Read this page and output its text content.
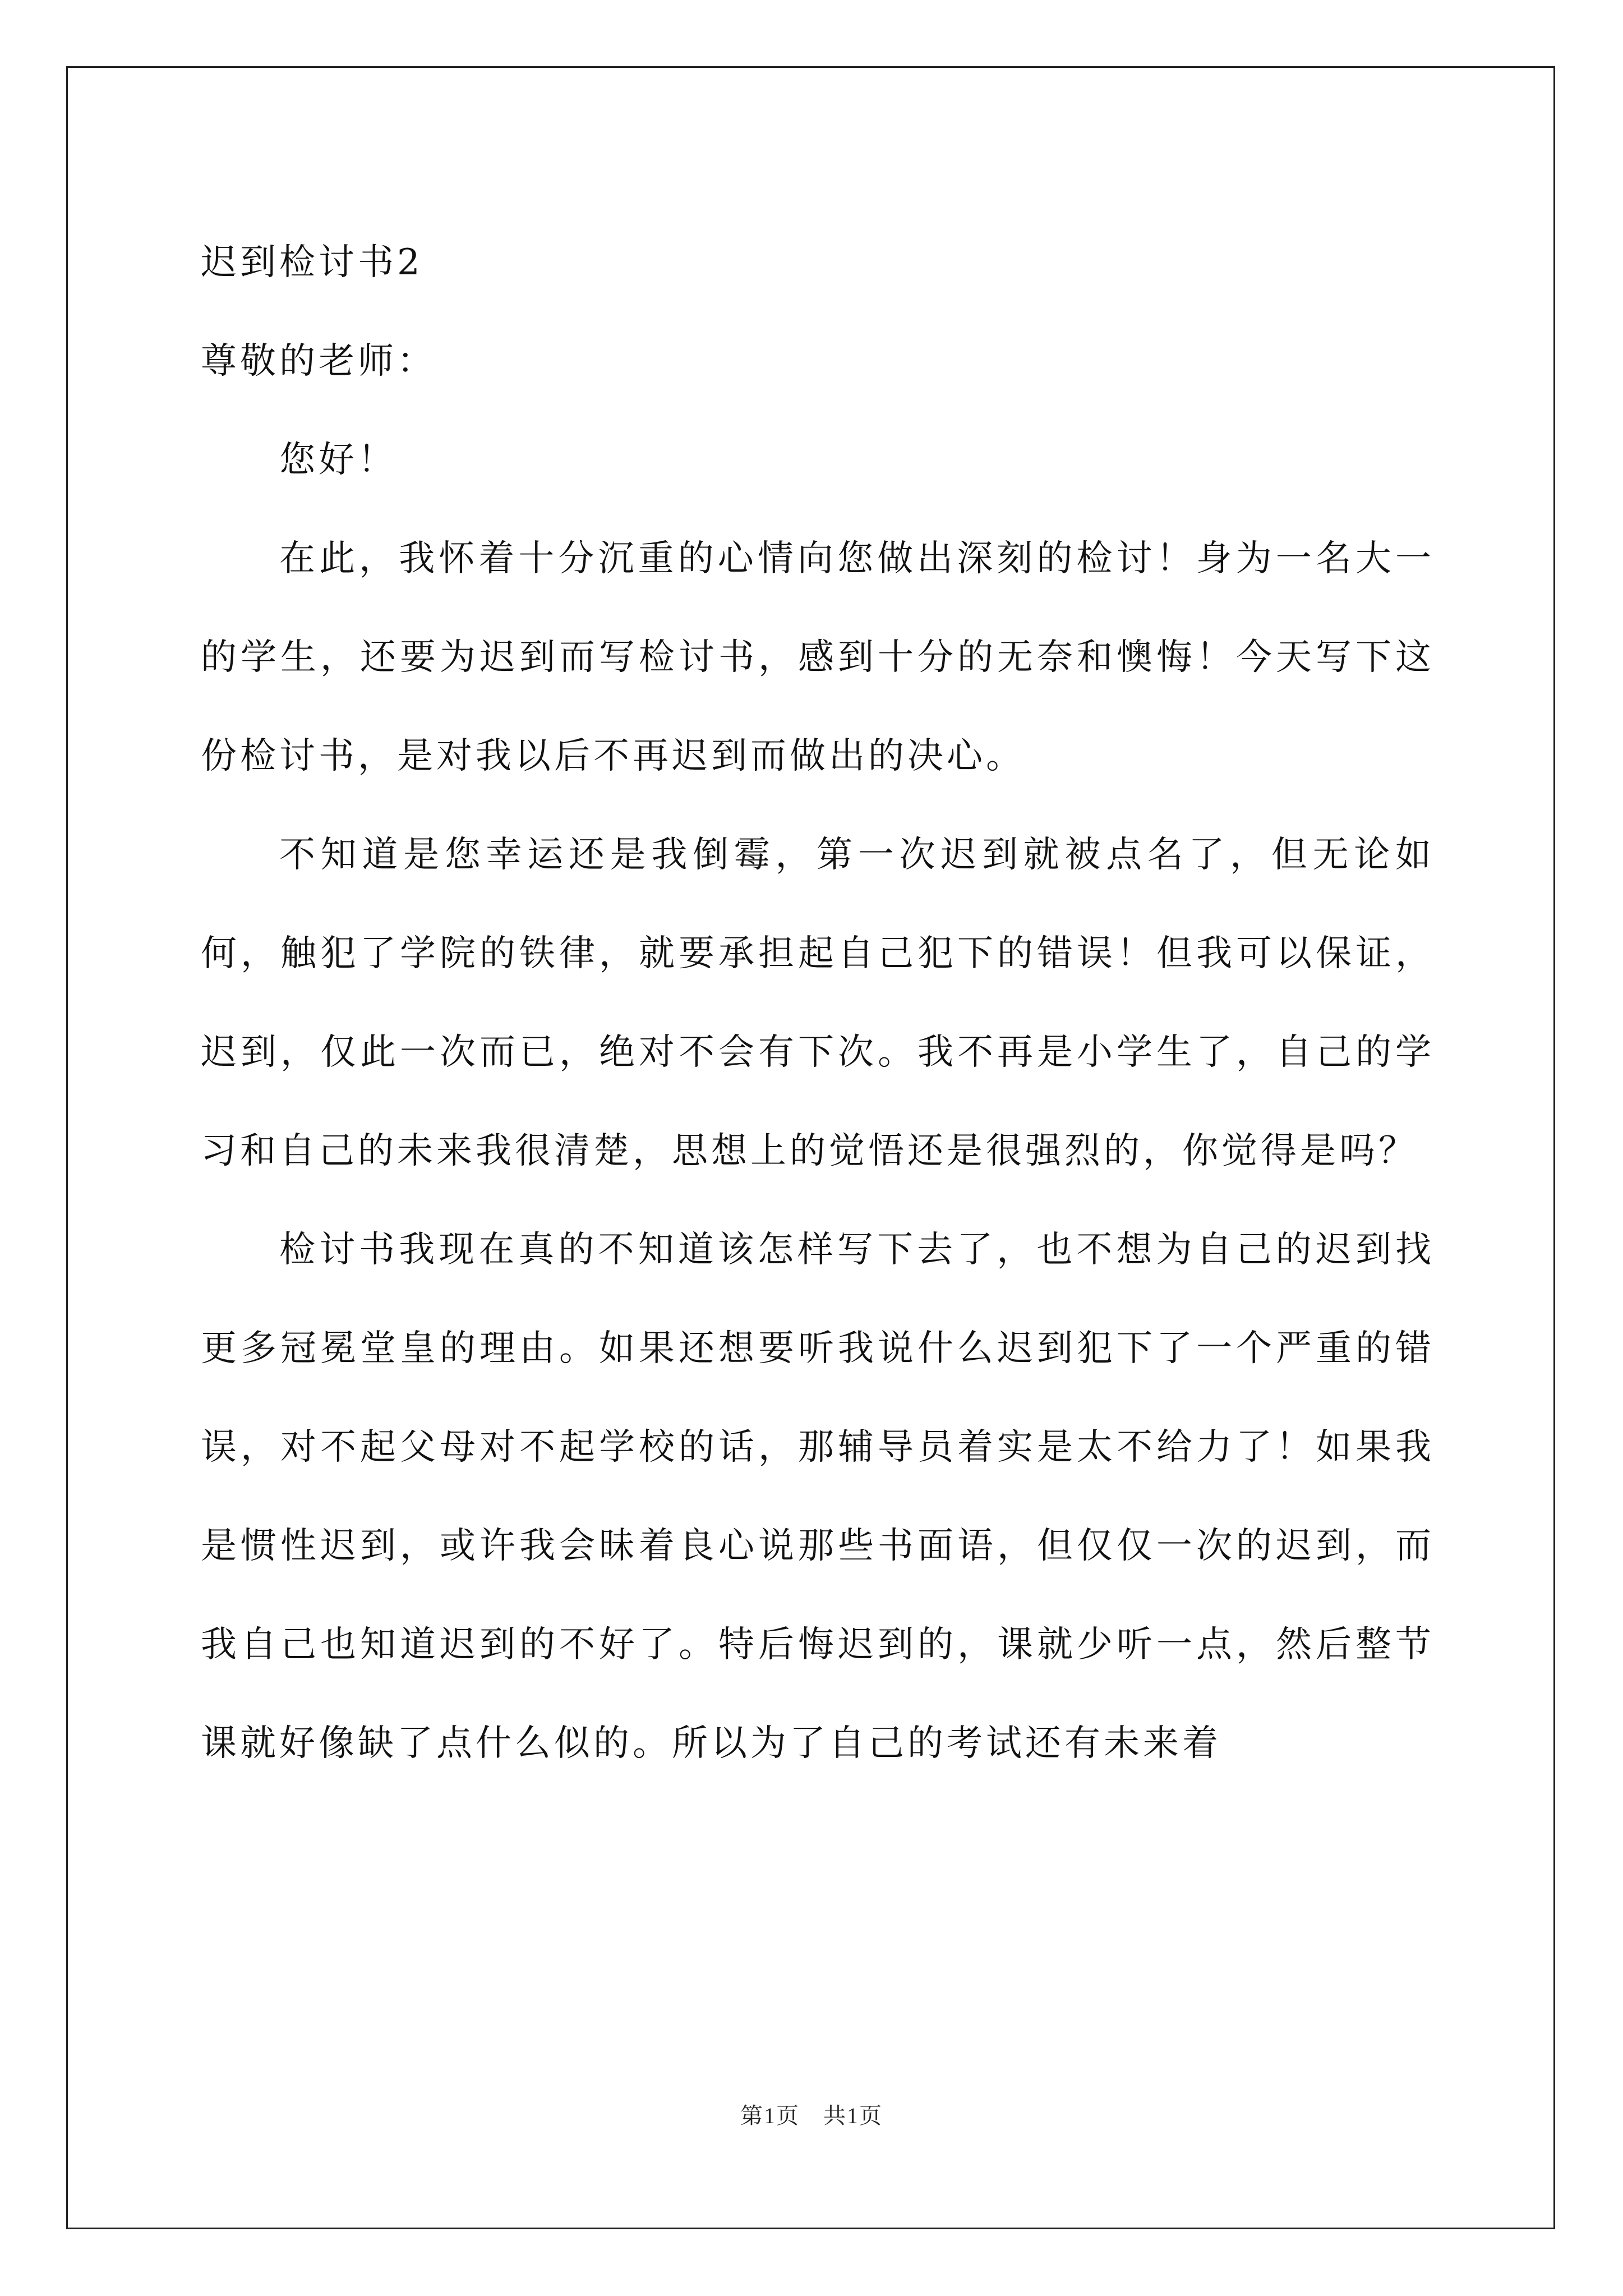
迟到检讨书2
尊敬的老师：
您好！

在此，我怀着十分沉重的心情向您做出深刻的检讨！身为一名大一的学生，还要为迟到而写检讨书，感到十分的无奈和懊悔！今天写下这份检讨书，是对我以后不再迟到而做出的决心。

不知道是您幸运还是我倒霉，第一次迟到就被点名了，但无论如何，触犯了学院的铁律，就要承担起自己犯下的错误！但我可以保证，迟到，仅此一次而已，绝对不会有下次。我不再是小学生了，自己的学习和自己的未来我很清楚，思想上的觉悟还是很强烈的，你觉得是吗？

检讨书我现在真的不知道该怎样写下去了，也不想为自己的迟到找更多冠冕堂皇的理由。如果还想要听我说什么迟到犯下了一个严重的错误，对不起父母对不起学校的话，那辅导员着实是太不给力了！如果我是惯性迟到，或许我会昧着良心说那些书面语，但仅仅一次的迟到，而我自己也知道迟到的不好了。特后悔迟到的，课就少听一点，然后整节课就好像缺了点什么似的。所以为了自己的考试还有未来着

第1页　共1页
